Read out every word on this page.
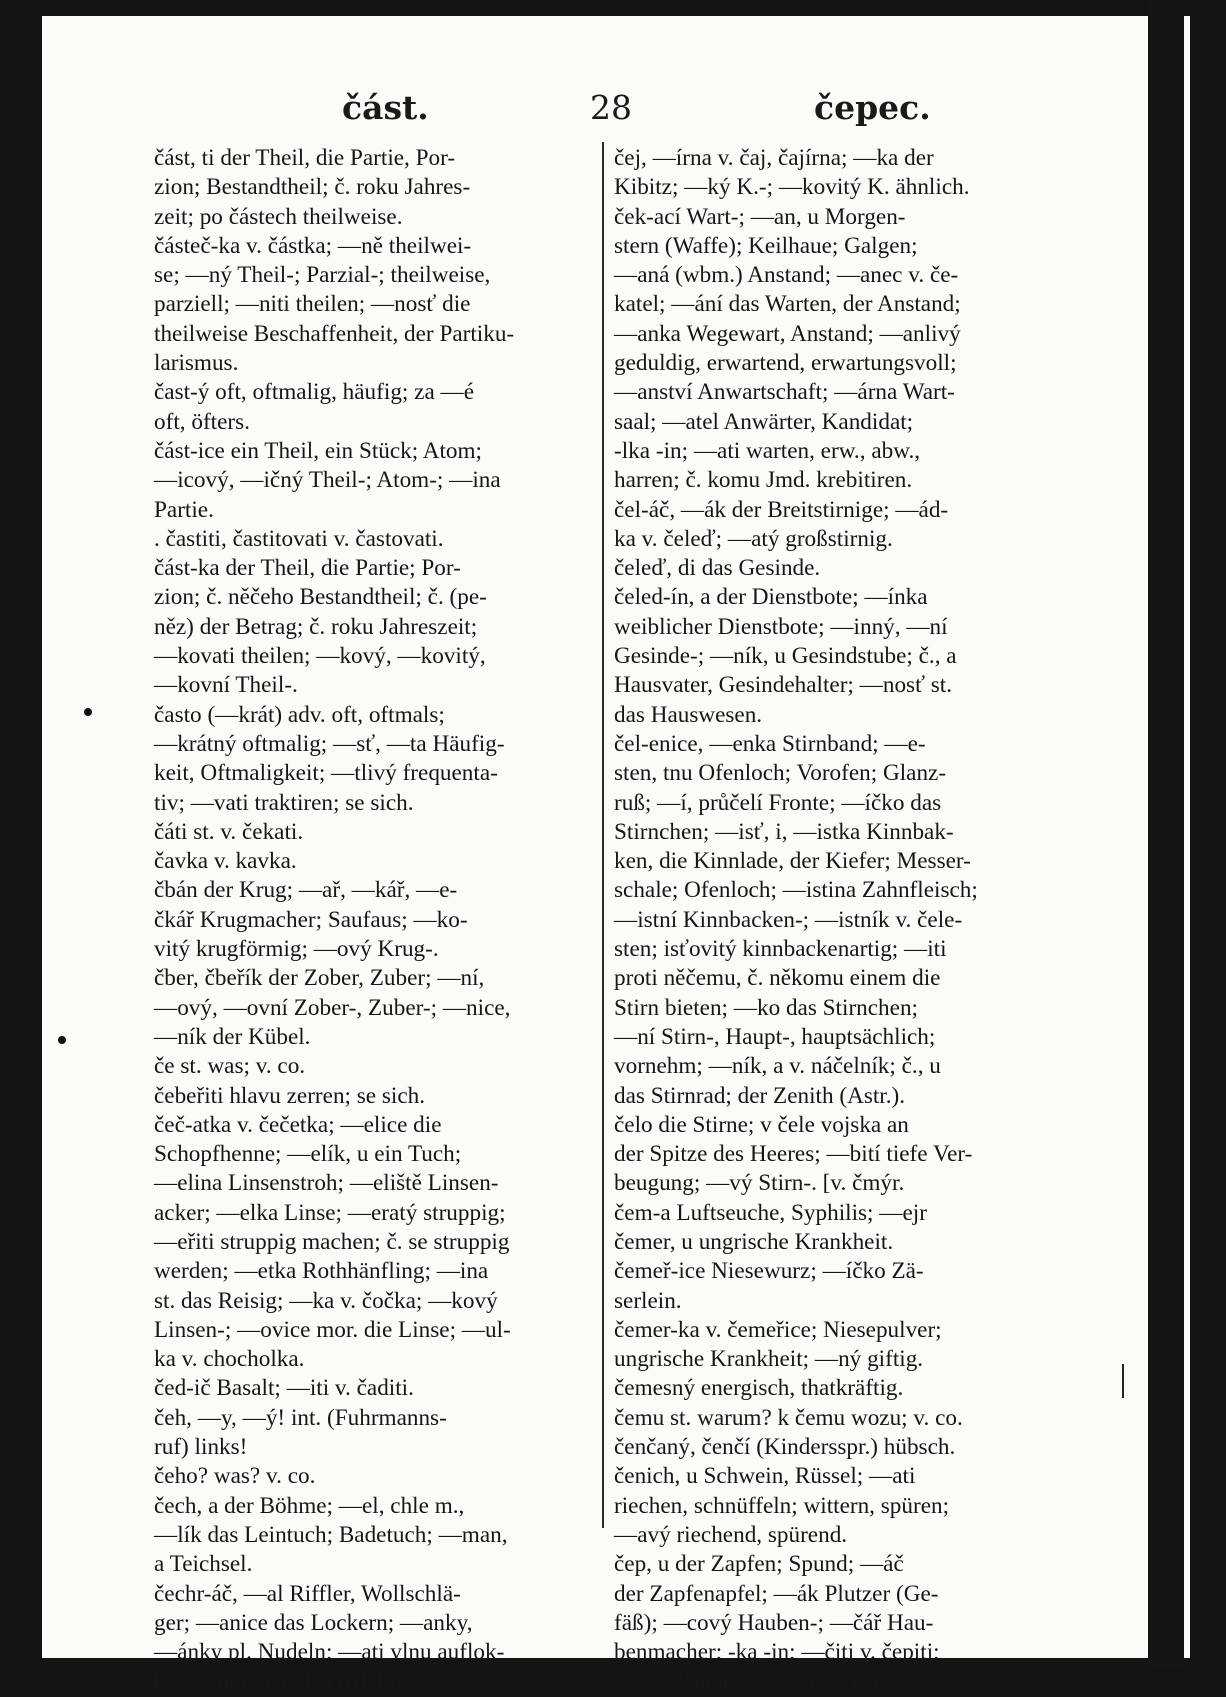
část.	28	čepec.
část, ti der Theil, die Partie, Por-
zion; Bestandtheil; č. roku Jahres-
zeit; po částech theilweise.
částeč-ka v. částka; —ně theilwei-
se; —ný Theil-; Parzial-; theilweise,
parziell; —niti theilen; —nosť die
theilweise Beschaffenheit, der Partiku-
larismus.
čast-ý oft, oftmalig, häufig; za —é
oft, öfters.
část-ice ein Theil, ein Stück; Atom;
—icový, —ičný Theil-; Atom-; —ina
Partie.
. častiti, častitovati v. častovati.
část-ka der Theil, die Partie; Por-
zion; č. něčeho Bestandtheil; č. (pe-
něz) der Betrag; č. roku Jahreszeit;
—kovati theilen; —kový, —kovitý,
—kovní Theil-.
často (—krát) adv. oft, oftmals;
—krátný oftmalig; —sť, —ta Häufig-
keit, Oftmaligkeit; —tlivý frequenta-
tiv; —vati traktiren; se sich.
čáti st. v. čekati.
čavka v. kavka.
čbán der Krug; —ař, —kář, —e-
čkář Krugmacher; Saufaus; —ko-
vitý krugförmig; —ový Krug-.
čber, čbeřík der Zober, Zuber; —ní,
—ový, —ovní Zober-, Zuber-; —nice,
—ník der Kübel.
če st. was; v. co.
čebeřiti hlavu zerren; se sich.
čeč-atka v. čečetka; —elice die
Schopfhenne; —elík, u ein Tuch;
—elina Linsenstroh; —eliště Linsen-
acker; —elka Linse; —eratý struppig;
—eřiti struppig machen; č. se struppig
werden; —etka Rothhänfling; —ina
st. das Reisig; —ka v. čočka; —kový
Linsen-; —ovice mor. die Linse; —ul-
ka v. chocholka.
čed-ič Basalt; —iti v. čaditi.
čeh, —y, —ý! int. (Fuhrmanns-
ruf) links!
čeho? was? v. co.
čech, a der Böhme; —el, chle m.,
—lík das Leintuch; Badetuch; —man,
a Teichsel.
čechr-áč, —al Riffler, Wollschlä-
ger; —anice das Lockern; —anky,
—ánky pl. Nudeln; —ati vlnu auflok-
kern, zupfen; č. len riffeln.
čej, —írna v. čaj, čajírna; —ka der
Kibitz; —ký K.-; —kovitý K. ähnlich.
ček-ací Wart-; —an, u Morgen-
stern (Waffe); Keilhaue; Galgen;
—aná (wbm.) Anstand; —anec v. če-
katel; —ání das Warten, der Anstand;
—anka Wegewart, Anstand; —anlivý
geduldig, erwartend, erwartungsvoll;
—anství Anwartschaft; —árna Wart-
saal; —atel Anwärter, Kandidat;
-lka -in; —ati warten, erw., abw.,
harren; č. komu Jmd. krebitiren.
čel-áč, —ák der Breitstirnige; —ád-
ka v. čeleď; —atý großstirnig.
čeleď, di das Gesinde.
čeled-ín, a der Dienstbote; —ínka
weiblicher Dienstbote; —inný, —ní
Gesinde-; —ník, u Gesindstube; č., a
Hausvater, Gesindehalter; —nosť st.
das Hauswesen.
čel-enice, —enka Stirnband; —e-
sten, tnu Ofenloch; Vorofen; Glanz-
ruß; —í, průčelí Fronte; —íčko das
Stirnchen; —isť, i, —istka Kinnbak-
ken, die Kinnlade, der Kiefer; Messer-
schale; Ofenloch; —istina Zahnfleisch;
—istní Kinnbacken-; —istník v. čele-
sten; isťovitý kinnbackenartig; —iti
proti něčemu, č. někomu einem die
Stirn bieten; —ko das Stirnchen;
—ní Stirn-, Haupt-, hauptsächlich;
vornehm; —ník, a v. náčelník; č., u
das Stirnrad; der Zenith (Astr.).
čelo die Stirne; v čele vojska an
der Spitze des Heeres; —bití tiefe Ver-
beugung; —vý Stirn-. [v. čmýr.
čem-a Luftseuche, Syphilis; —ejr
čemer, u ungrische Krankheit.
čemeř-ice Niesewurz; —íčko Zä-
serlein.
čemer-ka v. čemeřice; Niesepulver;
ungrische Krankheit; —ný giftig.
čemesný energisch, thatkräftig.
čemu st. warum? k čemu wozu; v. co.
čenčaný, čenčí (Kindersspr.) hübsch.
čenich, u Schwein, Rüssel; —ati
riechen, schnüffeln; wittern, spüren;
—avý riechend, spürend.
čep, u der Zapfen; Spund; —áč
der Zapfenapfel; —ák Plutzer (Ge-
fäß); —cový Hauben-; —čář Hau-
benmacher; -ka -in; —čiti v. čepiti;
—čitý kappig; —ě, ěte v. čápě; —ec,
